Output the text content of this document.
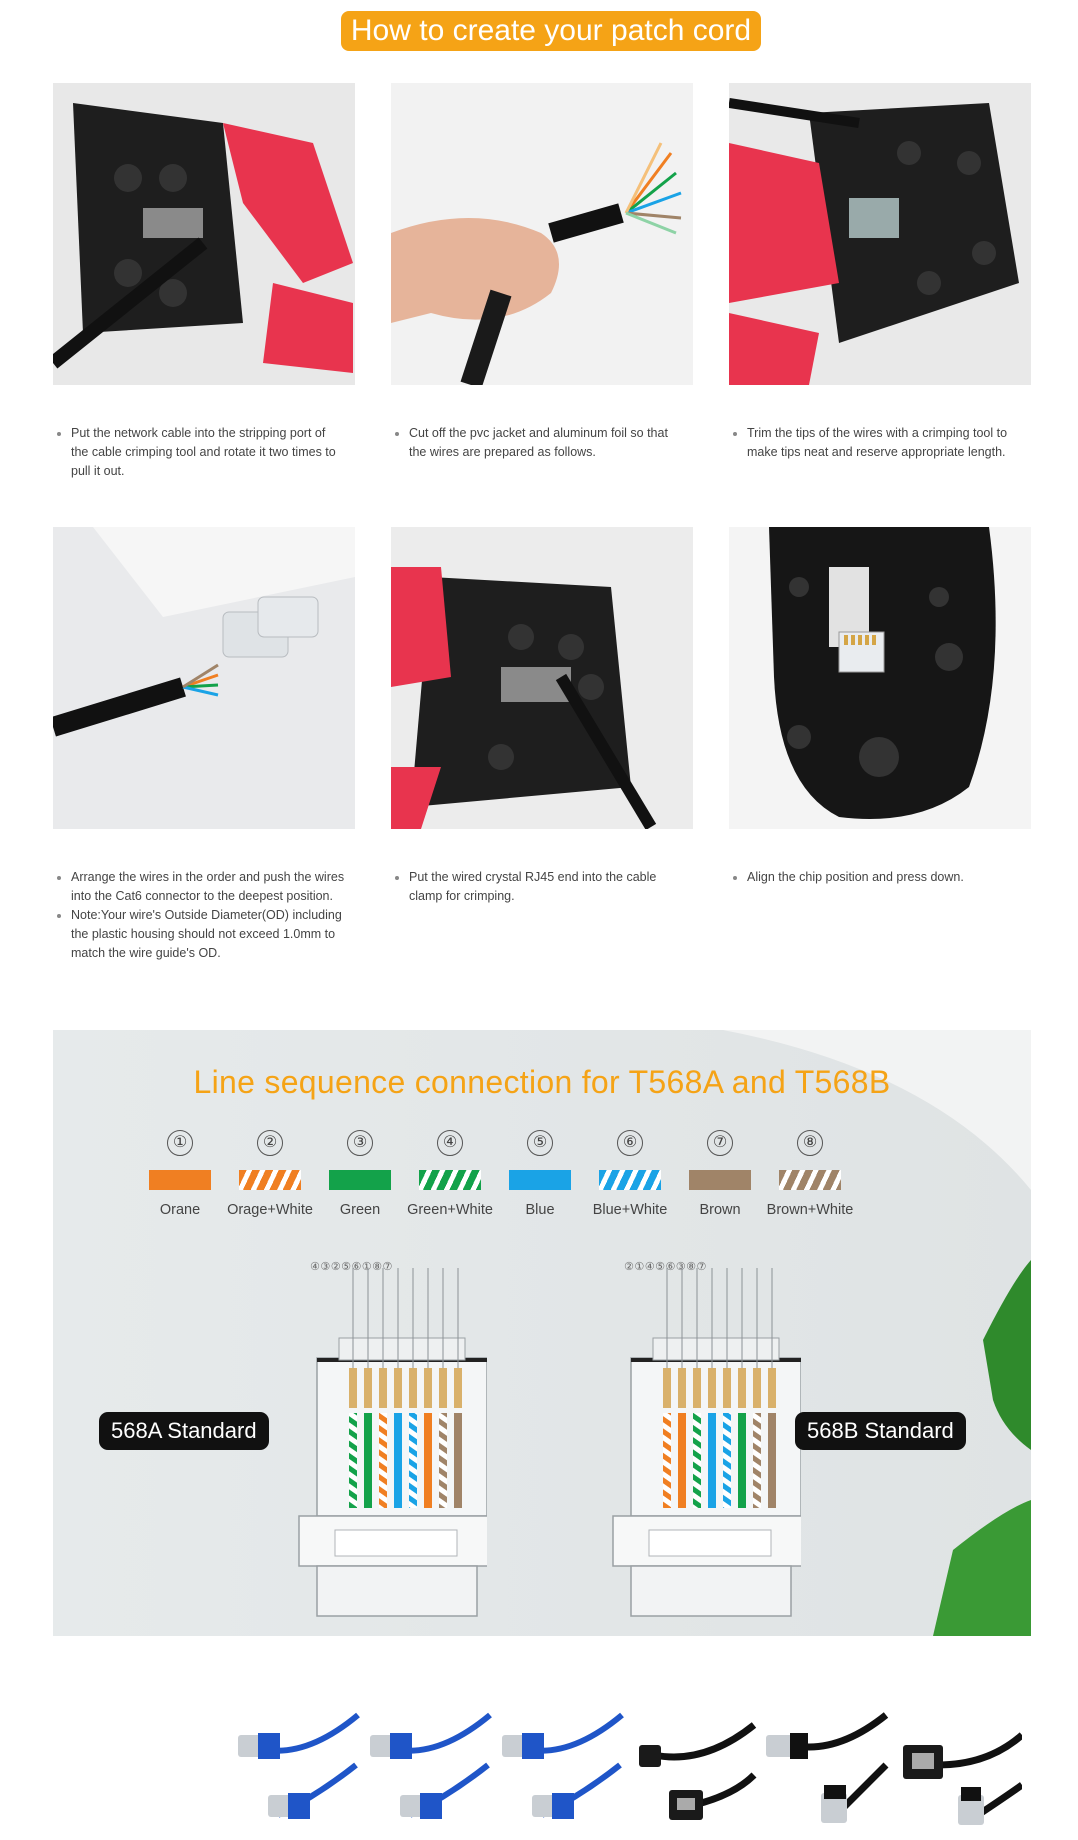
How to create your patch cord
• Put the network cable into the stripping port of the cable crimping tool and rotate it two times to pull it out.
• Cut off the pvc jacket and aluminum foil so that the wires are prepared as follows.
• Trim the tips of the wires with a crimping tool to make tips neat and reserve appropriate length.
• Arrange the wires in the order and push the wires into the Cat6 connector to the deepest position.
• Note:Your wire's Outside Diameter(OD) including the plastic housing should not exceed 1.0mm to match the wire guide's OD.
• Put the wired crystal RJ45 end into the cable clamp for crimping.
• Align the chip position and press down.
Line sequence connection for T568A and T568B
①
Orane
②
Orage+White
③
Green
④
Green+White
⑤
Blue
⑥
Blue+White
⑦
Brown
⑧
Brown+White
④③②⑤⑥①⑧⑦	②①④⑤⑥③⑧⑦
568A Standard	568B Standard
